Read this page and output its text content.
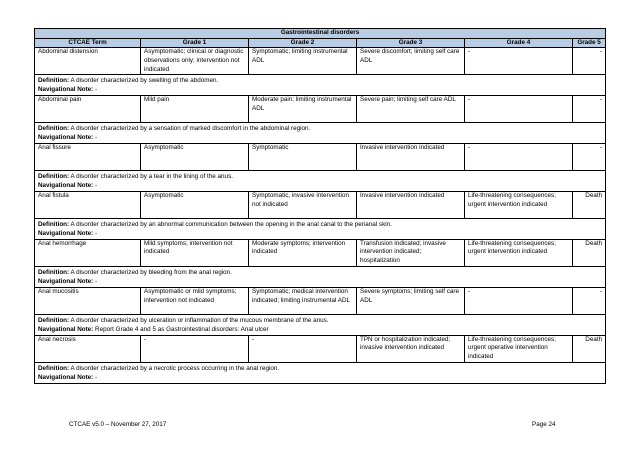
Gastrointestinal disorders					
CTCAE Term	Grade 1	Grade 2	Grade 3	Grade 4	Grade 5
Abdominal distension	Asymptomatic; clinical or diagnostic observations only; intervention not indicated	Symptomatic; limiting instrumental ADL	Severe discomfort; limiting self care ADL	-	-
Definition: A disorder characterized by swelling of the abdomen.					
Navigational Note: -					
Abdominal pain	Mild pain	Moderate pain; limiting instrumental ADL	Severe pain; limiting self care ADL	-	-
Definition: A disorder characterized by a sensation of marked discomfort in the abdominal region.					
Navigational Note: -					
Anal fissure	Asymptomatic	Symptomatic	Invasive intervention indicated	-	-
Definition: A disorder characterized by a tear in the lining of the anus.					
Navigational Note: -					
Anal fistula	Asymptomatic	Symptomatic, invasive intervention not indicated	Invasive intervention indicated	Life-threatening consequences; urgent intervention indicated	Death
Definition: A disorder characterized by an abnormal communication between the opening in the anal canal to the perianal skin.					
Navigational Note: -					
Anal hemorrhage	Mild symptoms; intervention not indicated	Moderate symptoms; intervention indicated	Transfusion indicated; invasive intervention indicated; hospitalization	Life-threatening consequences; urgent intervention indicated	Death
Definition: A disorder characterized by bleeding from the anal region.					
Navigational Note: -					
Anal mucositis	Asymptomatic or mild symptoms; intervention not indicated	Symptomatic; medical intervention indicated; limiting instrumental ADL	Severe symptoms; limiting self care ADL	-	-
Definition: A disorder characterized by ulceration or inflammation of the mucous membrane of the anus.					
Navigational Note: Report Grade 4 and 5 as Gastrointestinal disorders: Anal ulcer					
Anal necrosis	-	-	TPN or hospitalization indicated; invasive intervention indicated	Life-threatening consequences; urgent operative intervention indicated	Death
Definition: A disorder characterized by a necrotic process occurring in the anal region.					
Navigational Note: -					
CTCAE v5.0 – November 27, 2017	Page 24
